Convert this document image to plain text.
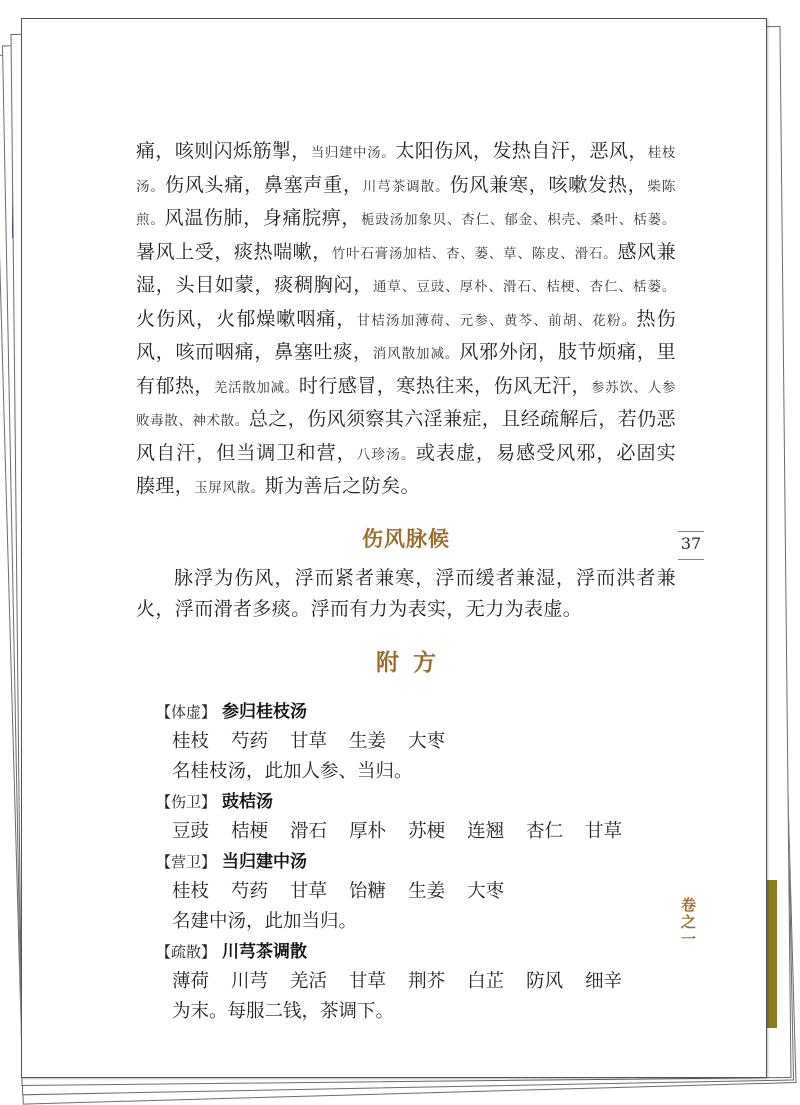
痛，咳则闪烁筋掣，当归建中汤。太阳伤风，发热自汗，恶风，桂枝汤。伤风头痛，鼻塞声重，川芎茶调散。伤风兼寒，咳嗽发热，柴陈煎。风温伤肺，身痛脘痹，栀豉汤加象贝、杏仁、郁金、枳壳、桑叶、栝蒌。暑风上受，痰热喘嗽，竹叶石膏汤加桔、杏、蒌、草、陈皮、滑石。感风兼湿，头目如蒙，痰稠胸闷，通草、豆豉、厚朴、滑石、桔梗、杏仁、栝蒌。火伤风，火郁燥嗽咽痛，甘桔汤加薄荷、元参、黄芩、前胡、花粉。热伤风，咳而咽痛，鼻塞吐痰，消风散加减。风邪外闭，肢节烦痛，里有郁热，羌活散加减。时行感冒，寒热往来，伤风无汗，参苏饮、人参败毒散、神术散。总之，伤风须察其六淫兼症，且经疏解后，若仍恶风自汗，但当调卫和营，八珍汤。或表虚，易感受风邪，必固实腠理，玉屏风散。斯为善后之防矣。

伤风脉候

脉浮为伤风，浮而紧者兼寒，浮而缓者兼湿，浮而洪者兼火，浮而滑者多痰。浮而有力为表实，无力为表虚。

附方
【体虚】 参归桂枝汤
桂枝 芍药 甘草 生姜 大枣
名桂枝汤，此加人参、当归。
【伤卫】 豉桔汤
豆豉 桔梗 滑石 厚朴 苏梗 连翘 杏仁 甘草
【营卫】 当归建中汤
桂枝 芍药 甘草 饴糖 生姜 大枣
名建中汤，此加当归。
【疏散】 川芎茶调散
薄荷 川芎 羌活 甘草 荆芥 白芷 防风 细辛
为末。每服二钱，茶调下。
37
卷之一
